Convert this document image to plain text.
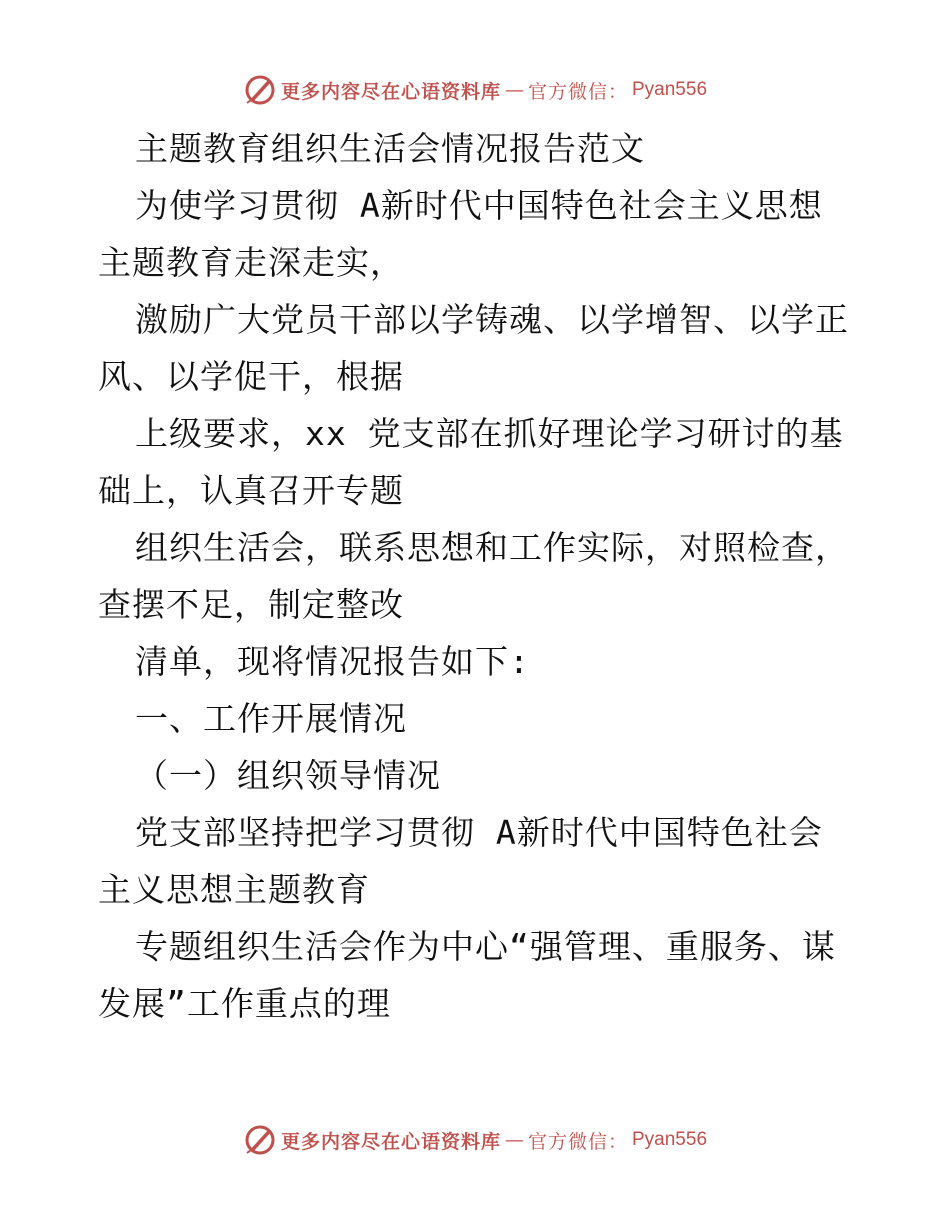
更多内容尽在心语资料库 — 官方微信： Pyan556
主题教育组织生活会情况报告范文
为使学习贯彻 A新时代中国特色社会主义思想
主题教育走深走实，
激励广大党员干部以学铸魂、以学增智、以学正
风、以学促干，根据
上级要求，xx 党支部在抓好理论学习研讨的基
础上，认真召开专题
组织生活会，联系思想和工作实际，对照检查，
查摆不足，制定整改
清单，现将情况报告如下:
一、工作开展情况
（一）组织领导情况
党支部坚持把学习贯彻 A新时代中国特色社会
主义思想主题教育
专题组织生活会作为中心“强管理、重服务、谋
发展”工作重点的理
更多内容尽在心语资料库 — 官方微信： Pyan556
